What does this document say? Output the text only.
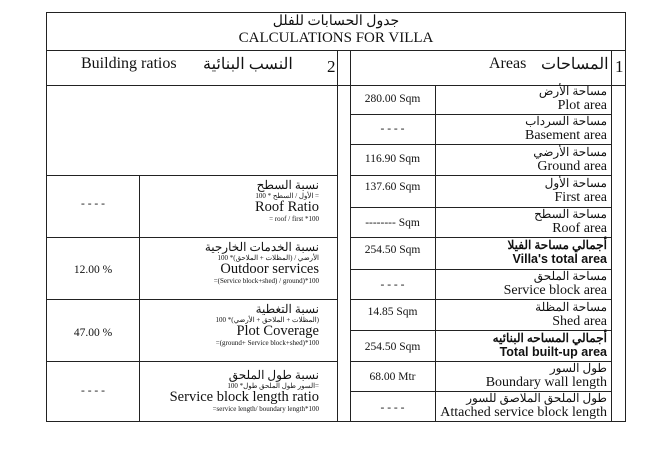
جدول الحسابات للفلل
CALCULATIONS FOR VILLA
1
Areas المساحات
2
Building ratios النسب البنائية
مساحة الأرض
Plot area
280.00 Sqm
مساحة السرداب
Basement area
- - - -
مساحة الأرضي
Ground area
116.90 Sqm
مساحة الأول
First area
137.60 Sqm
مساحة السطح
Roof area
-------- Sqm
أجمالي مساحة الفيلا
Villa's total area
254.50 Sqm
مساحة الملحق
Service block area
- - - -
مساحة المظلة
Shed area
14.85 Sqm
أجمالي المساحه البنائيه
Total built-up area
254.50 Sqm
طول السور
Boundary wall length
68.00 Mtr
طول الملحق الملاصق للسور
Attached service block length
- - - -
نسبة السطح
100 * الأول / السطح =
Roof Ratio
= roof / first *100
- - - -
نسبة الخدمات الخارجية
100 *الأرضي / (المظلات + الملاحق)
Outdoor services
=(Service block+shed) / ground)*100
12.00 %
نسبة التغطية
100 *(المظلات + الملاحق + الأرضي)
Plot Coverage
=(ground+ Service block+shed)*100
47.00 %
نسبة طول الملحق
100 *السور طول الملحق طول=
Service block length ratio
=service length/ boundary length*100
- - - -
